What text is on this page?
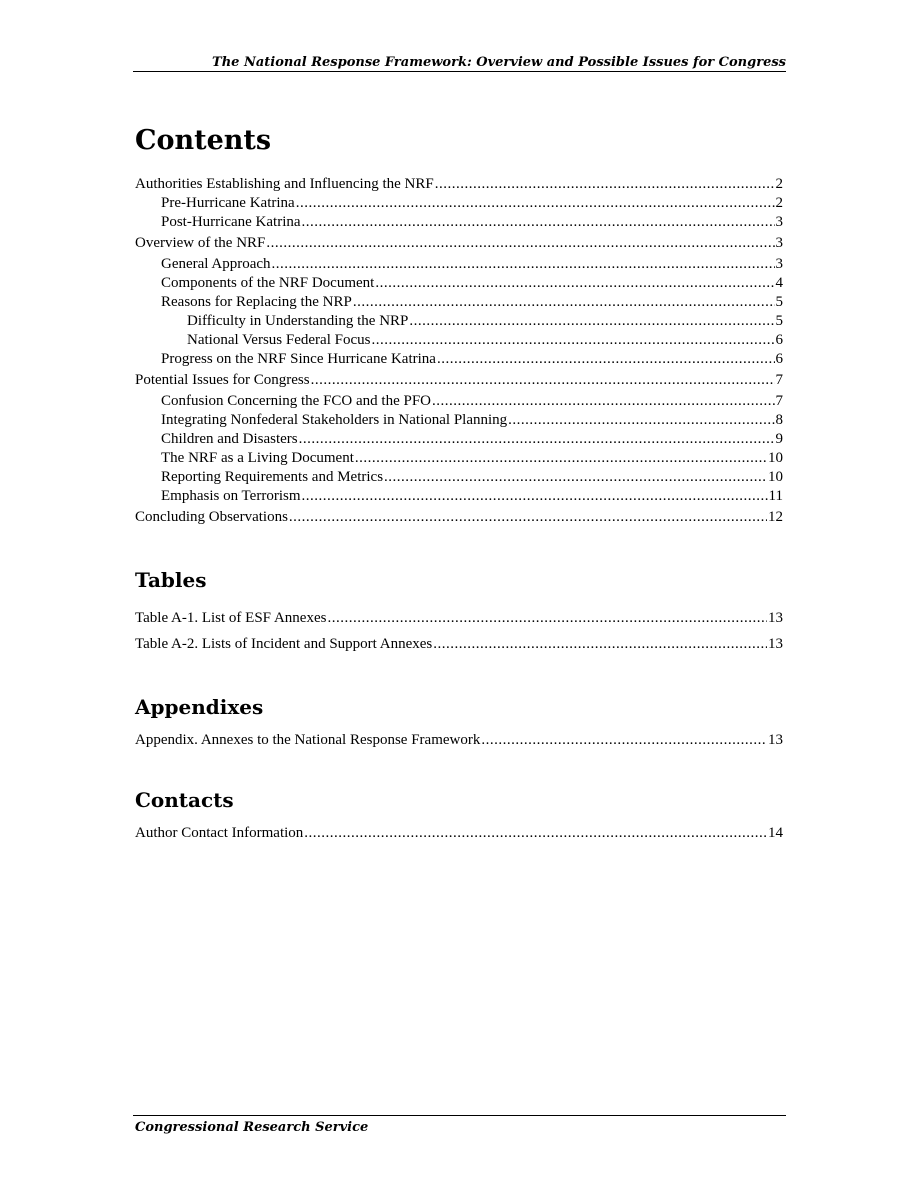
The National Response Framework: Overview and Possible Issues for Congress
Contents
Authorities Establishing and Influencing the NRF .....	2
Pre-Hurricane Katrina .....	2
Post-Hurricane Katrina .....	3
Overview of the NRF .....	3
General Approach .....	3
Components of the NRF Document .....	4
Reasons for Replacing the NRP .....	5
Difficulty in Understanding the NRP .....	5
National Versus Federal Focus .....	6
Progress on the NRF Since Hurricane Katrina .....	6
Potential Issues for Congress .....	7
Confusion Concerning the FCO and the PFO .....	7
Integrating Nonfederal Stakeholders in National Planning .....	8
Children and Disasters .....	9
The NRF as a Living Document .....	10
Reporting Requirements and Metrics .....	10
Emphasis on Terrorism .....	11
Concluding Observations .....	12
Tables
Table A-1. List of ESF Annexes .....	13
Table A-2. Lists of Incident and Support Annexes .....	13
Appendixes
Appendix. Annexes to the National Response Framework .....	13
Contacts
Author Contact Information .....	14
Congressional Research Service
